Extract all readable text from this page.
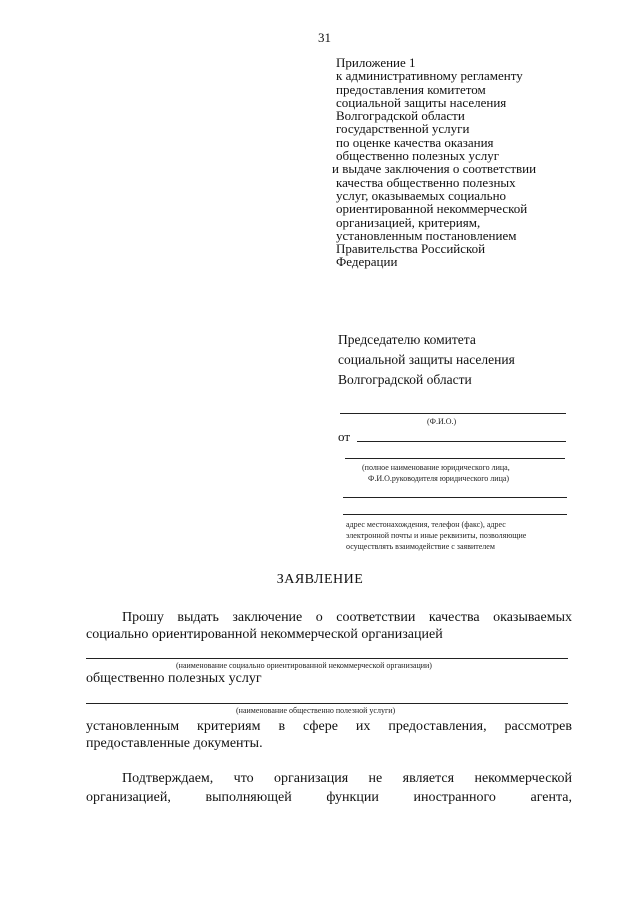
31
Приложение 1
к административному регламенту
предоставления комитетом
социальной защиты населения
Волгоградской области
государственной услуги
по оценке качества оказания
общественно полезных услуг
и выдаче заключения о соответствии
качества общественно полезных
услуг, оказываемых социально
ориентированной некоммерческой
организацией, критериям,
установленным постановлением
Правительства Российской
Федерации
Председателю комитета
социальной защиты населения
Волгоградской области
(Ф.И.О.)
от
(полное наименование юридического лица,
Ф.И.О.руководителя юридического лица)
адрес местонахождения, телефон (факс), адрес
электронной почты и иные реквизиты, позволяющие
осуществлять взаимодействие с заявителем
ЗАЯВЛЕНИЕ
Прошу выдать заключение о соответствии качества оказываемых
социально ориентированной некоммерческой организацией
(наименование социально ориентированной некоммерческой организации)
общественно полезных услуг
(наименование общественно полезной услуги)
установленным критериям в сфере их предоставления, рассмотрев
предоставленные документы.
Подтверждаем, что организация не является некоммерческой
организацией, выполняющей функции иностранного агента,
